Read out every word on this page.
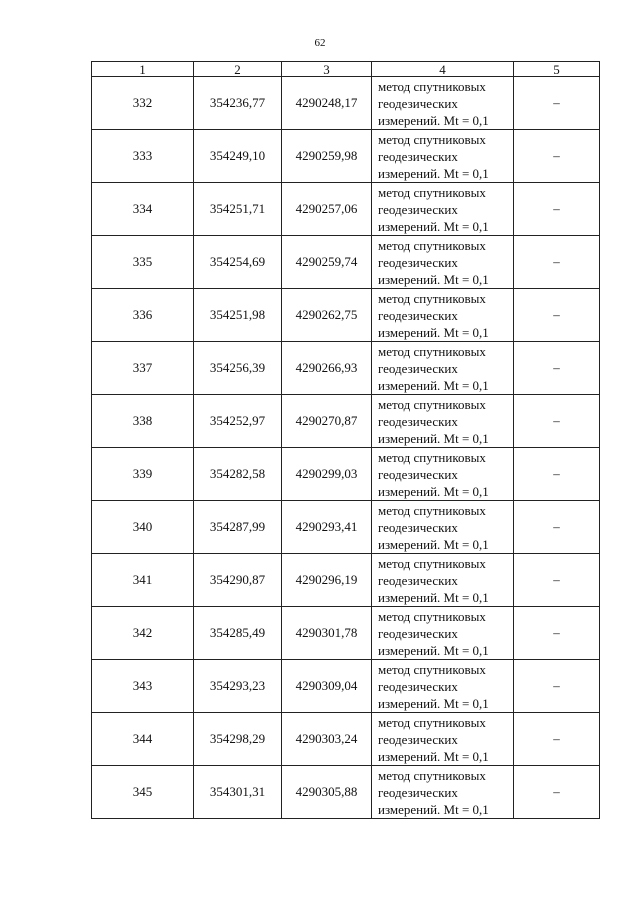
62
1	2	3	4	5
332	354236,77	4290248,17	метод спутниковых
геодезических
измерений. Mt = 0,1	–
333	354249,10	4290259,98	метод спутниковых
геодезических
измерений. Mt = 0,1	–
334	354251,71	4290257,06	метод спутниковых
геодезических
измерений. Mt = 0,1	–
335	354254,69	4290259,74	метод спутниковых
геодезических
измерений. Mt = 0,1	–
336	354251,98	4290262,75	метод спутниковых
геодезических
измерений. Mt = 0,1	–
337	354256,39	4290266,93	метод спутниковых
геодезических
измерений. Mt = 0,1	–
338	354252,97	4290270,87	метод спутниковых
геодезических
измерений. Mt = 0,1	–
339	354282,58	4290299,03	метод спутниковых
геодезических
измерений. Mt = 0,1	–
340	354287,99	4290293,41	метод спутниковых
геодезических
измерений. Mt = 0,1	–
341	354290,87	4290296,19	метод спутниковых
геодезических
измерений. Mt = 0,1	–
342	354285,49	4290301,78	метод спутниковых
геодезических
измерений. Mt = 0,1	–
343	354293,23	4290309,04	метод спутниковых
геодезических
измерений. Mt = 0,1	–
344	354298,29	4290303,24	метод спутниковых
геодезических
измерений. Mt = 0,1	–
345	354301,31	4290305,88	метод спутниковых
геодезических
измерений. Mt = 0,1	–
